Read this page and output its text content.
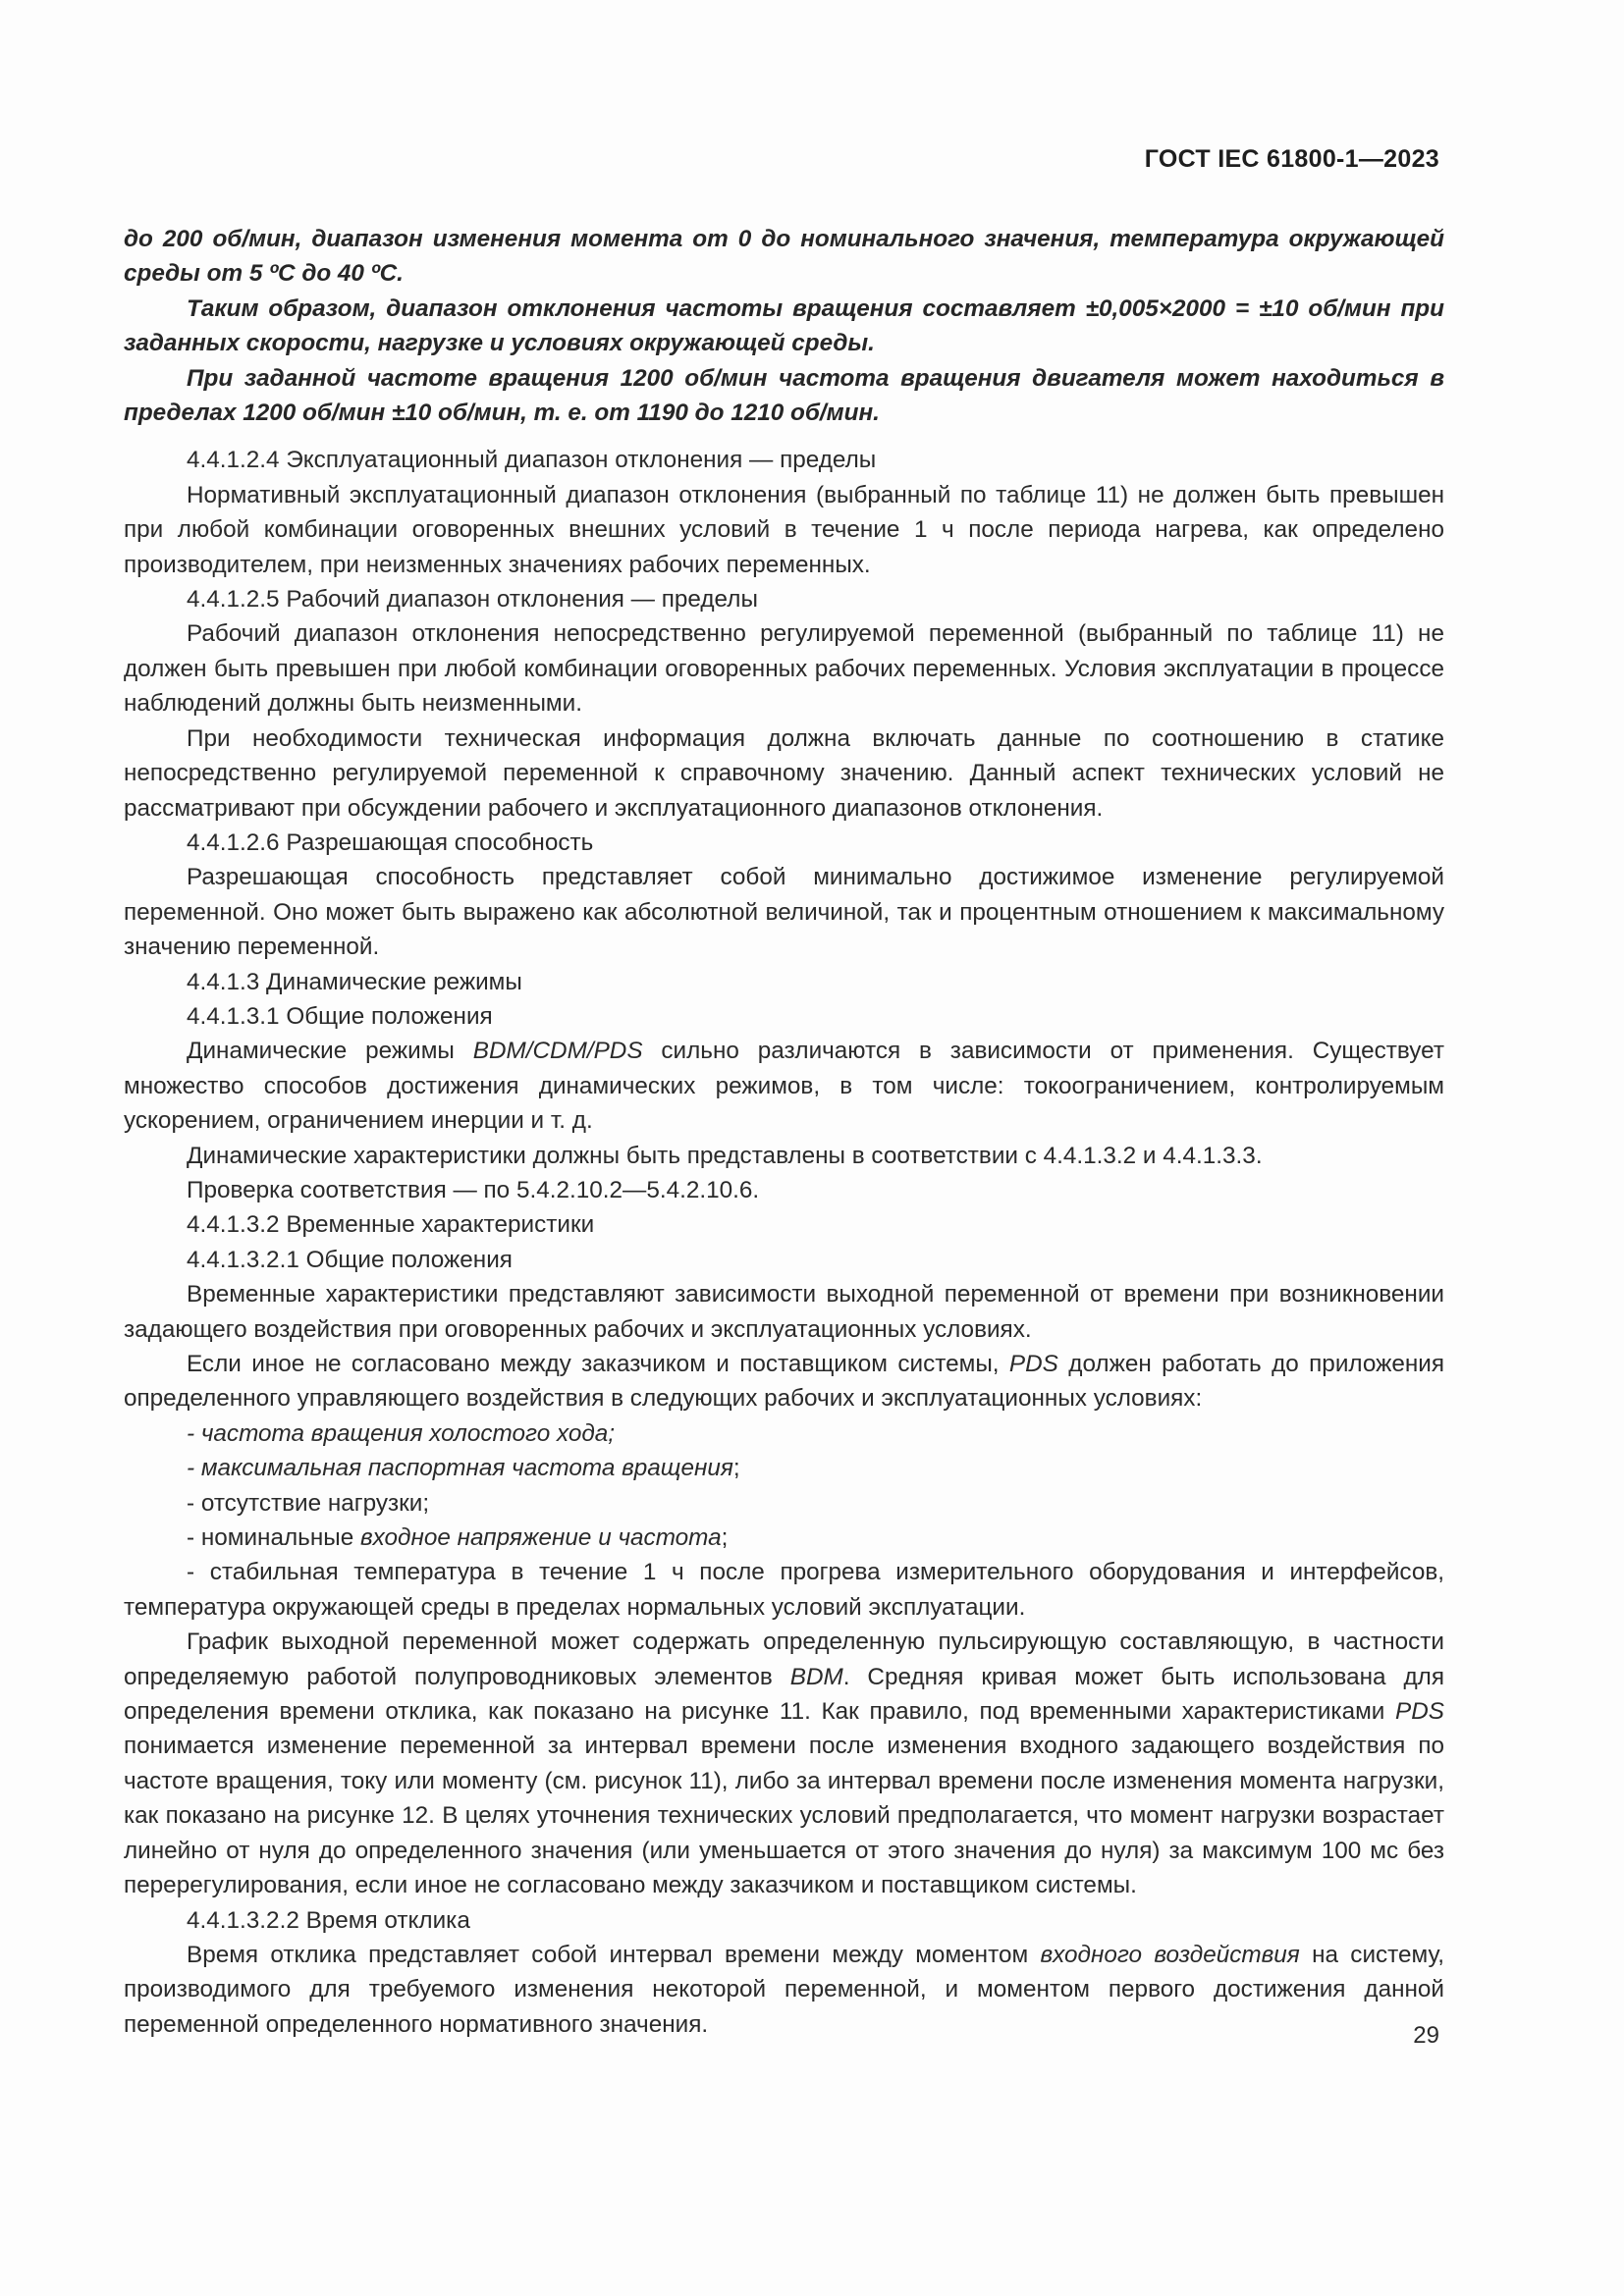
ГОСТ IEC 61800-1—2023

до 200 об/мин, диапазон изменения момента от 0 до номинального значения, температура окружающей среды от 5 ºС до 40 ºС.

Таким образом, диапазон отклонения частоты вращения составляет ±0,005×2000 = ±10 об/мин при заданных скорости, нагрузке и условиях окружающей среды.

При заданной частоте вращения 1200 об/мин частота вращения двигателя может находиться в пределах 1200 об/мин ±10 об/мин, т. е. от 1190 до 1210 об/мин.

4.4.1.2.4 Эксплуатационный диапазон отклонения — пределы

Нормативный эксплуатационный диапазон отклонения (выбранный по таблице 11) не должен быть превышен при любой комбинации оговоренных внешних условий в течение 1 ч после периода нагрева, как определено производителем, при неизменных значениях рабочих переменных.

4.4.1.2.5 Рабочий диапазон отклонения — пределы

Рабочий диапазон отклонения непосредственно регулируемой переменной (выбранный по таблице 11) не должен быть превышен при любой комбинации оговоренных рабочих переменных. Условия эксплуатации в процессе наблюдений должны быть неизменными.

При необходимости техническая информация должна включать данные по соотношению в статике непосредственно регулируемой переменной к справочному значению. Данный аспект технических условий не рассматривают при обсуждении рабочего и эксплуатационного диапазонов отклонения.

4.4.1.2.6 Разрешающая способность

Разрешающая способность представляет собой минимально достижимое изменение регулируемой переменной. Оно может быть выражено как абсолютной величиной, так и процентным отношением к максимальному значению переменной.

4.4.1.3 Динамические режимы

4.4.1.3.1 Общие положения

Динамические режимы BDM/CDM/PDS сильно различаются в зависимости от применения. Существует множество способов достижения динамических режимов, в том числе: токоограничением, контролируемым ускорением, ограничением инерции и т. д.

Динамические характеристики должны быть представлены в соответствии с 4.4.1.3.2 и 4.4.1.3.3.

Проверка соответствия — по 5.4.2.10.2—5.4.2.10.6.

4.4.1.3.2 Временные характеристики

4.4.1.3.2.1 Общие положения

Временные характеристики представляют зависимости выходной переменной от времени при возникновении задающего воздействия при оговоренных рабочих и эксплуатационных условиях.

Если иное не согласовано между заказчиком и поставщиком системы, PDS должен работать до приложения определенного управляющего воздействия в следующих рабочих и эксплуатационных условиях:

- частота вращения холостого хода;

- максимальная паспортная частота вращения;

- отсутствие нагрузки;

- номинальные входное напряжение и частота;

- стабильная температура в течение 1 ч после прогрева измерительного оборудования и интерфейсов, температура окружающей среды в пределах нормальных условий эксплуатации.

График выходной переменной может содержать определенную пульсирующую составляющую, в частности определяемую работой полупроводниковых элементов BDM. Средняя кривая может быть использована для определения времени отклика, как показано на рисунке 11. Как правило, под временными характеристиками PDS понимается изменение переменной за интервал времени после изменения входного задающего воздействия по частоте вращения, току или моменту (см. рисунок 11), либо за интервал времени после изменения момента нагрузки, как показано на рисунке 12. В целях уточнения технических условий предполагается, что момент нагрузки возрастает линейно от нуля до определенного значения (или уменьшается от этого значения до нуля) за максимум 100 мс без перерегулирования, если иное не согласовано между заказчиком и поставщиком системы.

4.4.1.3.2.2 Время отклика

Время отклика представляет собой интервал времени между моментом входного воздействия на систему, производимого для требуемого изменения некоторой переменной, и моментом первого достижения данной переменной определенного нормативного значения.	29
